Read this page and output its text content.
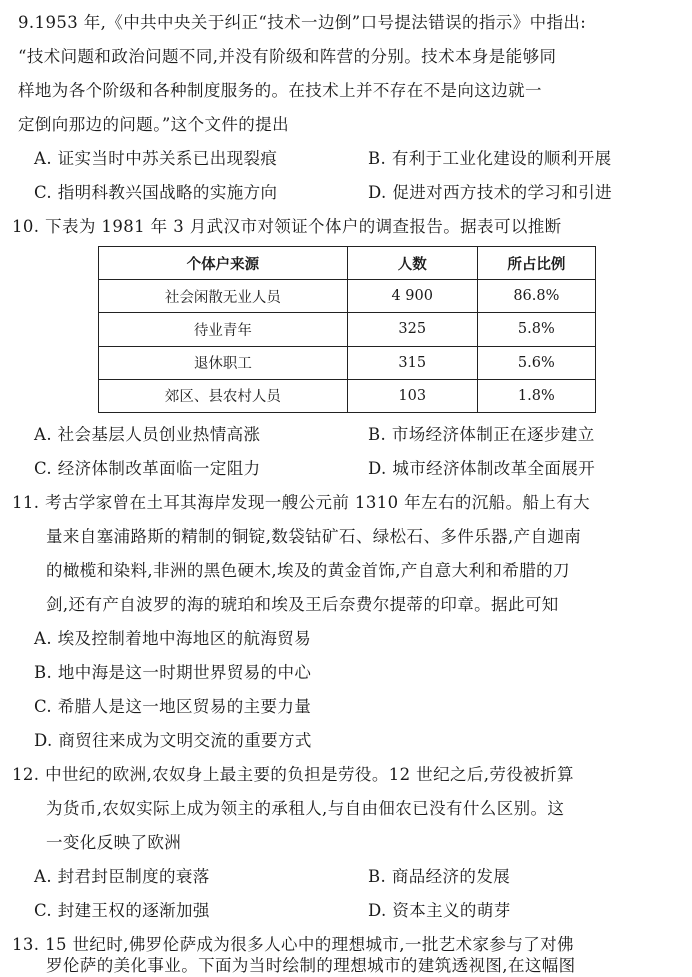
9.1953 年,《中共中央关于纠正“技术一边倒”口号提法错误的指示》中指出:
“技术问题和政治问题不同,并没有阶级和阵营的分别。技术本身是能够同
样地为各个阶级和各种制度服务的。在技术上并不存在不是向这边就一
定倒向那边的问题。”这个文件的提出
A. 证实当时中苏关系已出现裂痕	B. 有利于工业化建设的顺利开展
C. 指明科教兴国战略的实施方向	D. 促进对西方技术的学习和引进
10. 下表为 1981 年 3 月武汉市对领证个体户的调查报告。据表可以推断
个体户来源	人数	所占比例
社会闲散无业人员	4 900	86.8%
待业青年	325	5.8%
退休职工	315	5.6%
郊区、县农村人员	103	1.8%
A. 社会基层人员创业热情高涨	B. 市场经济体制正在逐步建立
C. 经济体制改革面临一定阻力	D. 城市经济体制改革全面展开
11. 考古学家曾在土耳其海岸发现一艘公元前 1310 年左右的沉船。船上有大
量来自塞浦路斯的精制的铜锭,数袋钴矿石、绿松石、多件乐器,产自迦南
的橄榄和染料,非洲的黑色硬木,埃及的黄金首饰,产自意大利和希腊的刀
剑,还有产自波罗的海的琥珀和埃及王后奈费尔提蒂的印章。据此可知
A. 埃及控制着地中海地区的航海贸易
B. 地中海是这一时期世界贸易的中心
C. 希腊人是这一地区贸易的主要力量
D. 商贸往来成为文明交流的重要方式
12. 中世纪的欧洲,农奴身上最主要的负担是劳役。12 世纪之后,劳役被折算
为货币,农奴实际上成为领主的承租人,与自由佃农已没有什么区别。这
一变化反映了欧洲
A. 封君封臣制度的衰落	B. 商品经济的发展
C. 封建王权的逐渐加强	D. 资本主义的萌芽
13. 15 世纪时,佛罗伦萨成为很多人心中的理想城市,一批艺术家参与了对佛
罗伦萨的美化事业。下面为当时绘制的理想城市的建筑透视图,在这幅图
